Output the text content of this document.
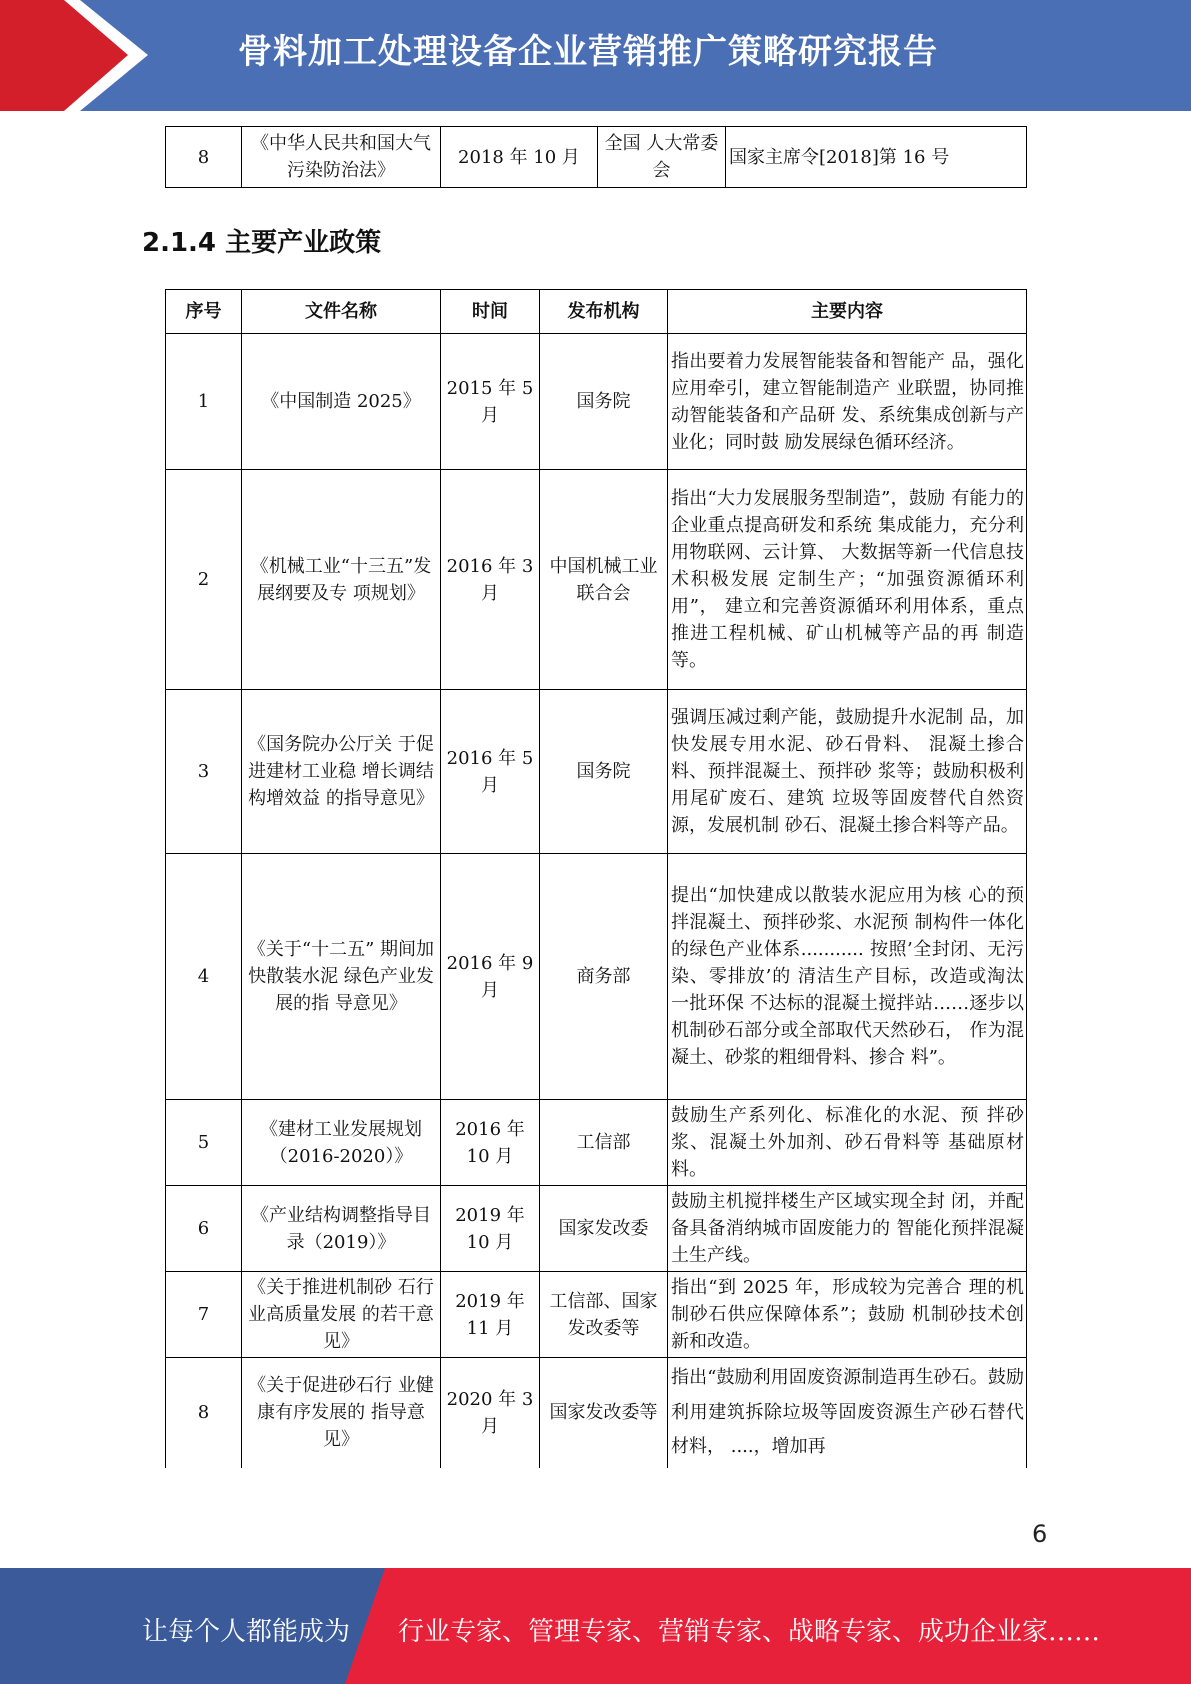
骨料加工处理设备企业营销推广策略研究报告
8	《中华人民共和国大气污染防治法》	2018 年 10 月	全国 人大常委会	国家主席令[2018]第 16 号
2.1.4 主要产业政策
序号	文件名称	时间	发布机构	主要内容
1	《中国制造 2025》	2015 年 5 月	国务院	指出要着力发展智能装备和智能产 品，强化应用牵引，建立智能制造产 业联盟，协同推动智能装备和产品研 发、系统集成创新与产业化；同时鼓 励发展绿色循环经济。
2	《机械工业“十三五”发展纲要及专 项规划》	2016 年 3 月	中国机械工业联合会	指出“大力发展服务型制造”，鼓励 有能力的企业重点提高研发和系统 集成能力，充分利用物联网、云计算、 大数据等新一代信息技术积极发展 定制生产；“加强资源循环利用”， 建立和完善资源循环利用体系，重点 推进工程机械、矿山机械等产品的再 制造等。
3	《国务院办公厅关 于促进建材工业稳 增长调结构增效益 的指导意见》	2016 年 5 月	国务院	强调压减过剩产能，鼓励提升水泥制 品，加快发展专用水泥、砂石骨料、 混凝土掺合料、预拌混凝土、预拌砂 浆等；鼓励积极利用尾矿废石、建筑 垃圾等固废替代自然资源，发展机制 砂石、混凝土掺合料等产品。
4	《关于“十二五” 期间加快散装水泥 绿色产业发展的指 导意见》	2016 年 9 月	商务部	提出“加快建成以散装水泥应用为核 心的预拌混凝土、预拌砂浆、水泥预 制构件一体化的绿色产业体系........... 按照’全封闭、无污染、零排放’的 清洁生产目标，改造或淘汰一批环保 不达标的混凝土搅拌站……逐步以 机制砂石部分或全部取代天然砂石， 作为混凝土、砂浆的粗细骨料、掺合 料”。
5	《建材工业发展规划（2016-2020）》	2016 年 10 月	工信部	鼓励生产系列化、标准化的水泥、预 拌砂浆、混凝土外加剂、砂石骨料等 基础原材料。
6	《产业结构调整指导目录（2019）》	2019 年 10 月	国家发改委	鼓励主机搅拌楼生产区域实现全封 闭，并配备具备消纳城市固废能力的 智能化预拌混凝土生产线。
7	《关于推进机制砂 石行业高质量发展 的若干意见》	2019 年 11 月	工信部、国家发改委等	指出“到 2025 年，形成较为完善合 理的机制砂石供应保障体系”；鼓励 机制砂技术创新和改造。
8	《关于促进砂石行 业健康有序发展的 指导意见》	2020 年 3 月	国家发改委等	指出“鼓励利用固废资源制造再生砂石。鼓励利用建筑拆除垃圾等固废资源生产砂石替代材料， ....，增加再
6
让每个人都能成为 行业专家、管理专家、营销专家、战略专家、成功企业家……
